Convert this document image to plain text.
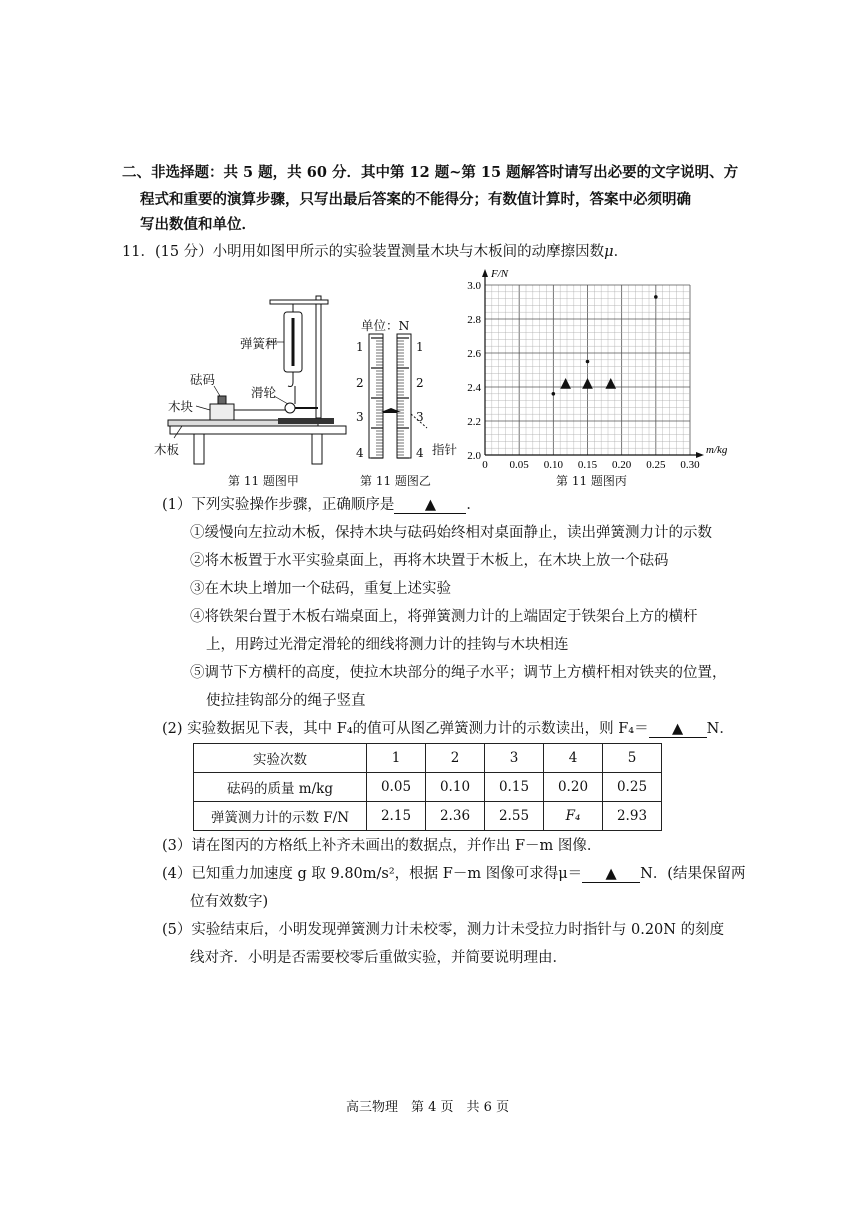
二、非选择题：共 5 题，共 60 分．其中第 12 题~第 15 题解答时请写出必要的文字说明、方
程式和重要的演算步骤，只写出最后答案的不能得分；有数值计算时，答案中必须明确
写出数值和单位．
11．(15 分）小明用如图甲所示的实验装置测量木块与木板间的动摩擦因数μ．
弹簧秤
砝码
滑轮
木块
木板
第 11 题图甲
单位：N
1
2
3
4
1
2
3
4 指针
第 11 题图乙
0 0.05 0.10 0.15 0.20 0.25 0.30
2.0
2.2
2.4
2.6
2.8
3.0
m/kg
F/N
▲ ▲ ▲
第 11 题图丙
(1）下列实验操作步骤，正确顺序是 ▲ ．
①缓慢向左拉动木板，保持木块与砝码始终相对桌面静止，读出弹簧测力计的示数
②将木板置于水平实验桌面上，再将木块置于木板上，在木块上放一个砝码
③在木块上增加一个砝码，重复上述实验
④将铁架台置于木板右端桌面上，将弹簧测力计的上端固定于铁架台上方的横杆
上，用跨过光滑定滑轮的细线将测力计的挂钩与木块相连
⑤调节下方横杆的高度，使拉木块部分的绳子水平；调节上方横杆相对铁夹的位置，
使拉挂钩部分的绳子竖直
(2) 实验数据见下表，其中 F₄的值可从图乙弹簧测力计的示数读出，则 F₄＝ ▲ N．
实验次数	1	2	3	4	5
砝码的质量 m/kg	0.05	0.10	0.15	0.20	0.25
弹簧测力计的示数 F/N	2.15	2.36	2.55	F₄	2.93
(3）请在图丙的方格纸上补齐未画出的数据点，并作出 F－m 图像．
(4）已知重力加速度 g 取 9.80m/s²，根据 F－m 图像可求得μ＝ ▲ N．(结果保留两
位有效数字)
(5）实验结束后，小明发现弹簧测力计未校零，测力计未受拉力时指针与 0.20N 的刻度
线对齐．小明是否需要校零后重做实验，并简要说明理由．
高三物理　第 4 页　共 6 页
